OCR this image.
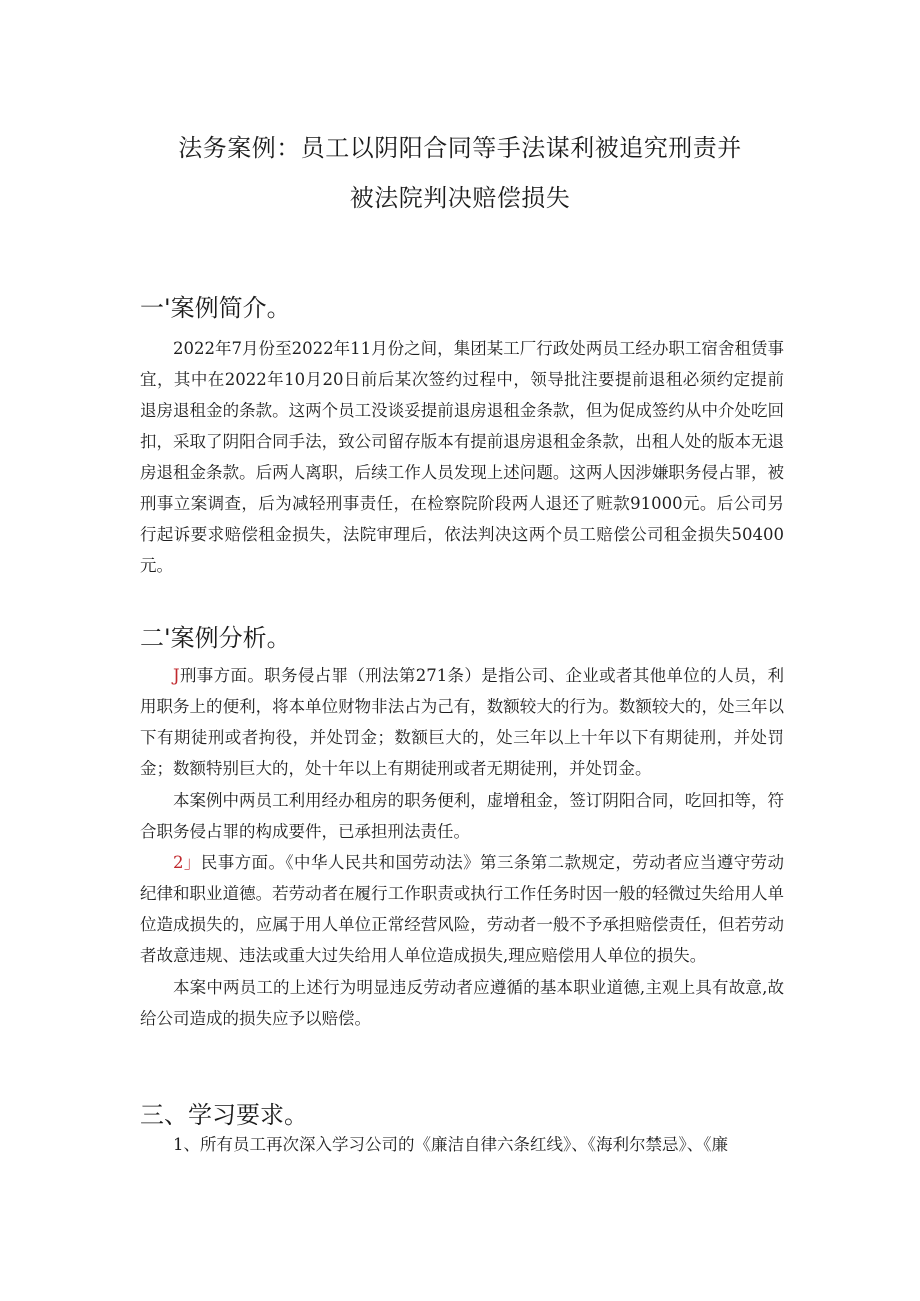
法务案例：员工以阴阳合同等手法谋利被追究刑责并
被法院判决赔偿损失
一'案例简介。

2022年7月份至2022年11月份之间，集团某工厂行政处两员工经办职工宿舍租赁事宜，其中在2022年10月20日前后某次签约过程中，领导批注要提前退租必须约定提前退房退租金的条款。这两个员工没谈妥提前退房退租金条款，但为促成签约从中介处吃回扣，采取了阴阳合同手法，致公司留存版本有提前退房退租金条款，出租人处的版本无退房退租金条款。后两人离职，后续工作人员发现上述问题。这两人因涉嫌职务侵占罪，被刑事立案调查，后为减轻刑事责任，在检察院阶段两人退还了赃款91000元。后公司另行起诉要求赔偿租金损失，法院审理后，依法判决这两个员工赔偿公司租金损失50400元。

二'案例分析。

J刑事方面。职务侵占罪（刑法第271条）是指公司、企业或者其他单位的人员，利用职务上的便利，将本单位财物非法占为己有，数额较大的行为。数额较大的，处三年以下有期徒刑或者拘役，并处罚金；数额巨大的，处三年以上十年以下有期徒刑，并处罚金；数额特别巨大的，处十年以上有期徒刑或者无期徒刑，并处罚金。

本案例中两员工利用经办租房的职务便利，虚增租金，签订阴阳合同，吃回扣等，符合职务侵占罪的构成要件，已承担刑法责任。

2」民事方面。《中华人民共和国劳动法》第三条第二款规定，劳动者应当遵守劳动纪律和职业道德。若劳动者在履行工作职责或执行工作任务时因一般的轻微过失给用人单位造成损失的，应属于用人单位正常经营风险，劳动者一般不予承担赔偿责任，但若劳动者故意违规、违法或重大过失给用人单位造成损失,理应赔偿用人单位的损失。

本案中两员工的上述行为明显违反劳动者应遵循的基本职业道德,主观上具有故意,故给公司造成的损失应予以赔偿。

三、学习要求。

1、所有员工再次深入学习公司的《廉洁自律六条红线》、《海利尔禁忌》、《廉
